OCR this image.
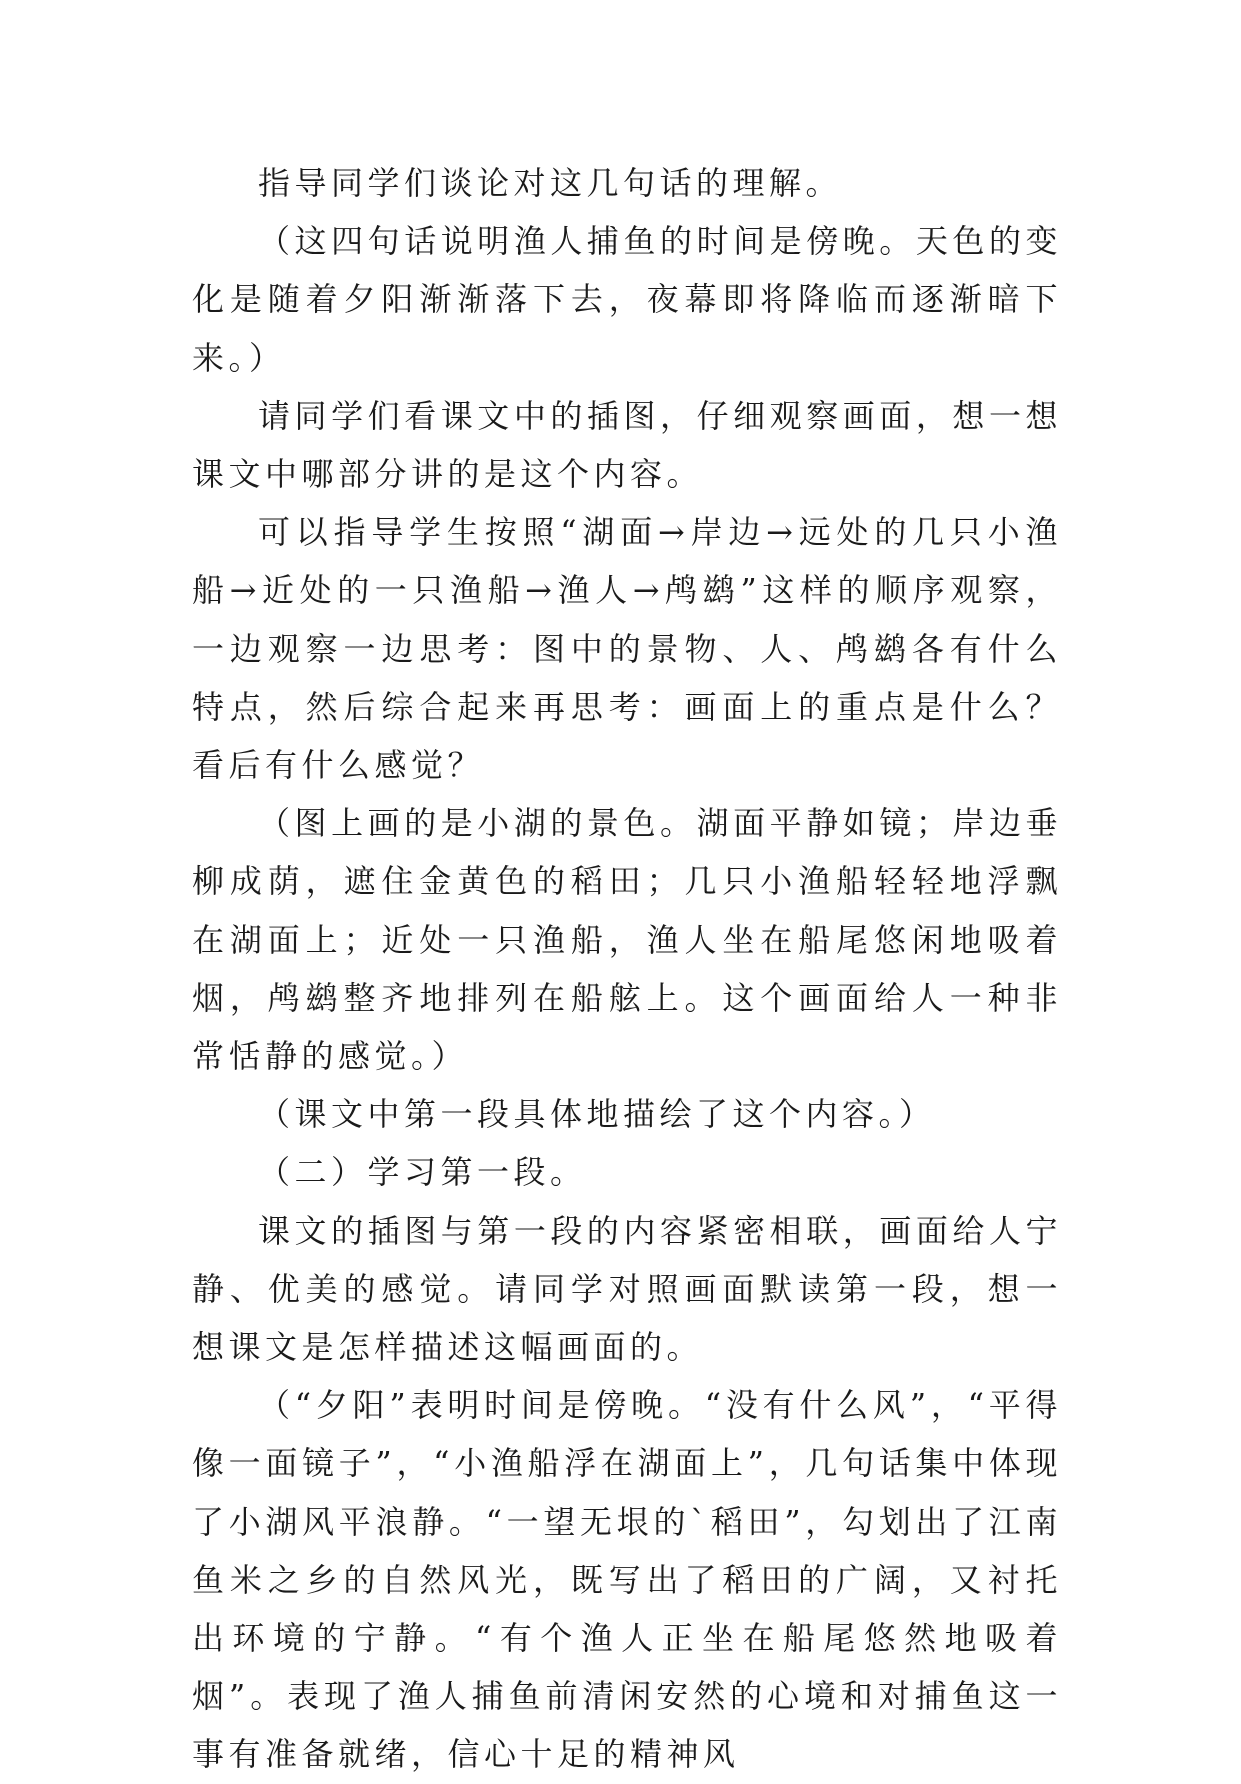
指导同学们谈论对这几句话的理解。

（这四句话说明渔人捕鱼的时间是傍晚。天色的变化是随着夕阳渐渐落下去，夜幕即将降临而逐渐暗下来。）

请同学们看课文中的插图，仔细观察画面，想一想课文中哪部分讲的是这个内容。

可以指导学生按照“湖面→岸边→远处的几只小渔船→近处的一只渔船→渔人→鸬鹚”这样的顺序观察，一边观察一边思考：图中的景物、人、鸬鹚各有什么特点，然后综合起来再思考：画面上的重点是什么？看后有什么感觉？

（图上画的是小湖的景色。湖面平静如镜；岸边垂柳成荫，遮住金黄色的稻田；几只小渔船轻轻地浮飘在湖面上；近处一只渔船，渔人坐在船尾悠闲地吸着烟，鸬鹚整齐地排列在船舷上。这个画面给人一种非常恬静的感觉。）

（课文中第一段具体地描绘了这个内容。）

（二）学习第一段。

课文的插图与第一段的内容紧密相联，画面给人宁静、优美的感觉。请同学对照画面默读第一段，想一想课文是怎样描述这幅画面的。

（“夕阳”表明时间是傍晚。“没有什么风”，“平得像一面镜子”，“小渔船浮在湖面上”，几句话集中体现了小湖风平浪静。“一望无垠的`稻田”，勾划出了江南鱼米之乡的自然风光，既写出了稻田的广阔，又衬托出环境的宁静。“有个渔人正坐在船尾悠然地吸着烟”。表现了渔人捕鱼前清闲安然的心境和对捕鱼这一事有准备就绪，信心十足的精神风
